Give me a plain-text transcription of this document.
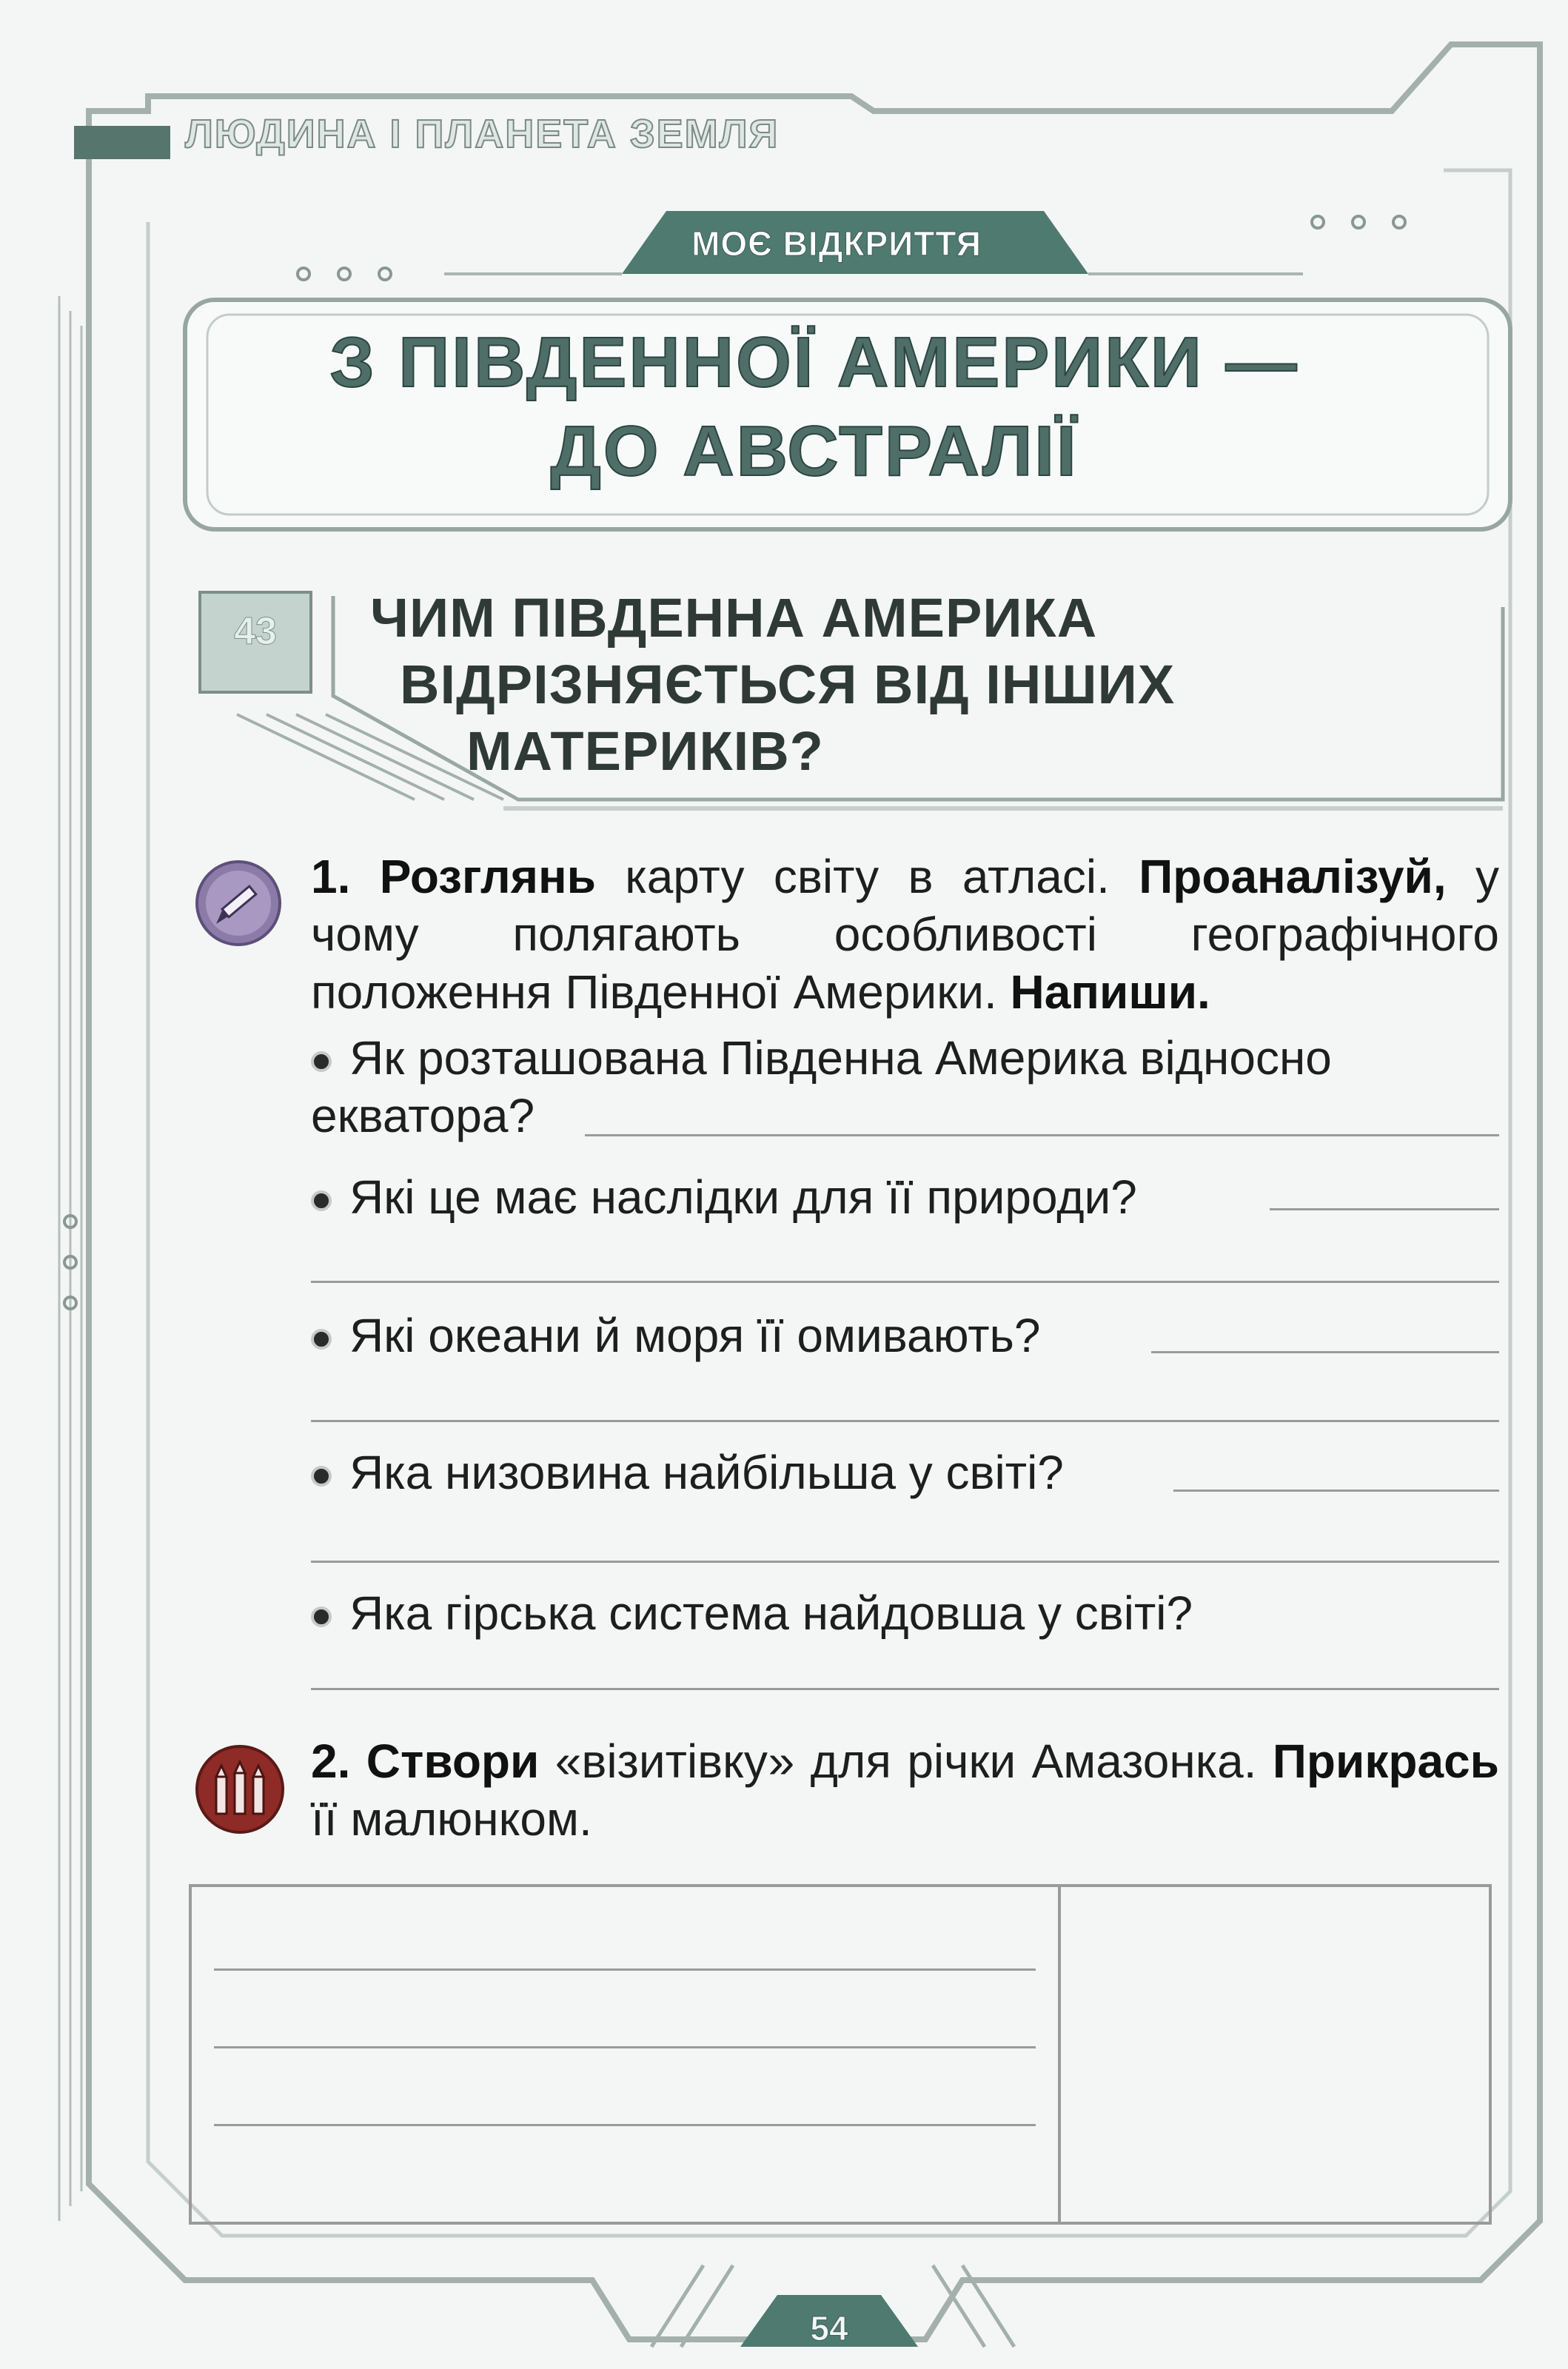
ЛЮДИНА І ПЛАНЕТА ЗЕМЛЯ
МОЄ ВІДКРИТТЯ
З ПІВДЕННОЇ АМЕРИКИ —
ДО АВСТРАЛІЇ
43	ЧИМ ПІВДЕННА АМЕРИКА
ВІДРІЗНЯЄТЬСЯ ВІД ІНШИХ
МАТЕРИКІВ?
1. Розглянь карту світу в атласі. Проаналізуй, у чому полягають особливості географічного положення Південної Америки. Напиши.
Як розташована Південна Америка відносно екватора?
Які це має наслідки для її природи?
Які океани й моря її омивають?
Яка низовина найбільша у світі?
Яка гірська система найдовша у світі?
2. Створи «візитівку» для річки Амазонка. Прикрась її малюнком.
54
